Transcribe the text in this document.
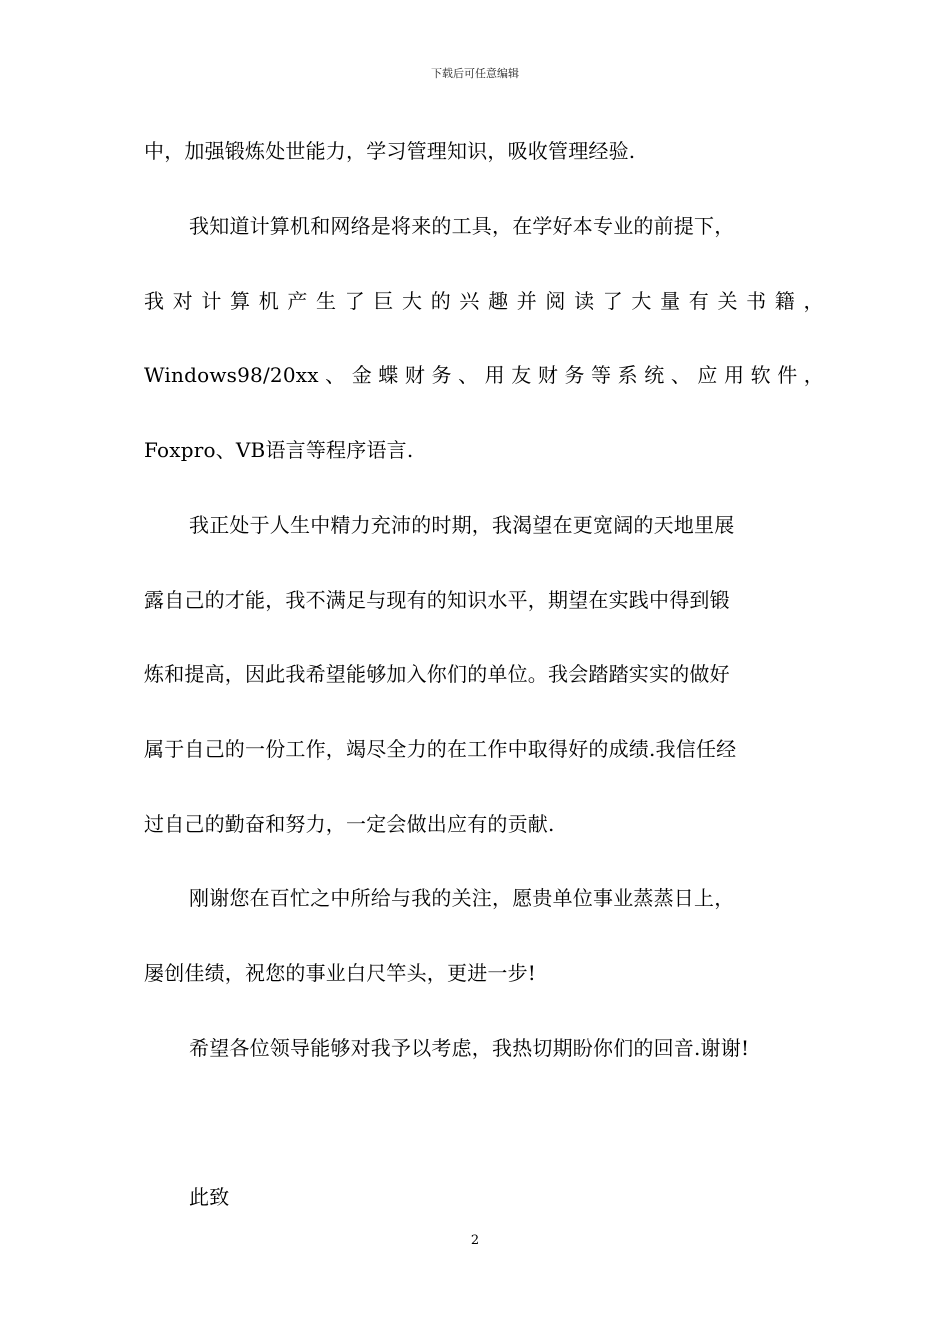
下载后可任意编辑
中，加强锻炼处世能力，学习管理知识，吸收管理经验.
我知道计算机和网络是将来的工具，在学好本专业的前提下，
我 对 计 算 机 产 生 了 巨 大 的 兴 趣 并 阅 读 了 大 量 有 关 书 籍 ，
Windows98/20xx 、 金 蝶 财 务 、 用 友 财 务 等 系 统 、 应 用 软 件 ，
Foxpro、VB语言等程序语言.
我正处于人生中精力充沛的时期，我渴望在更宽阔的天地里展
露自己的才能，我不满足与现有的知识水平，期望在实践中得到锻
炼和提高，因此我希望能够加入你们的单位。我会踏踏实实的做好
属于自己的一份工作，竭尽全力的在工作中取得好的成绩.我信任经
过自己的勤奋和努力，一定会做出应有的贡献.
刚谢您在百忙之中所给与我的关注，愿贵单位事业蒸蒸日上，
屡创佳绩，祝您的事业白尺竿头，更进一步!
希望各位领导能够对我予以考虑，我热切期盼你们的回音.谢谢!
此致
2
